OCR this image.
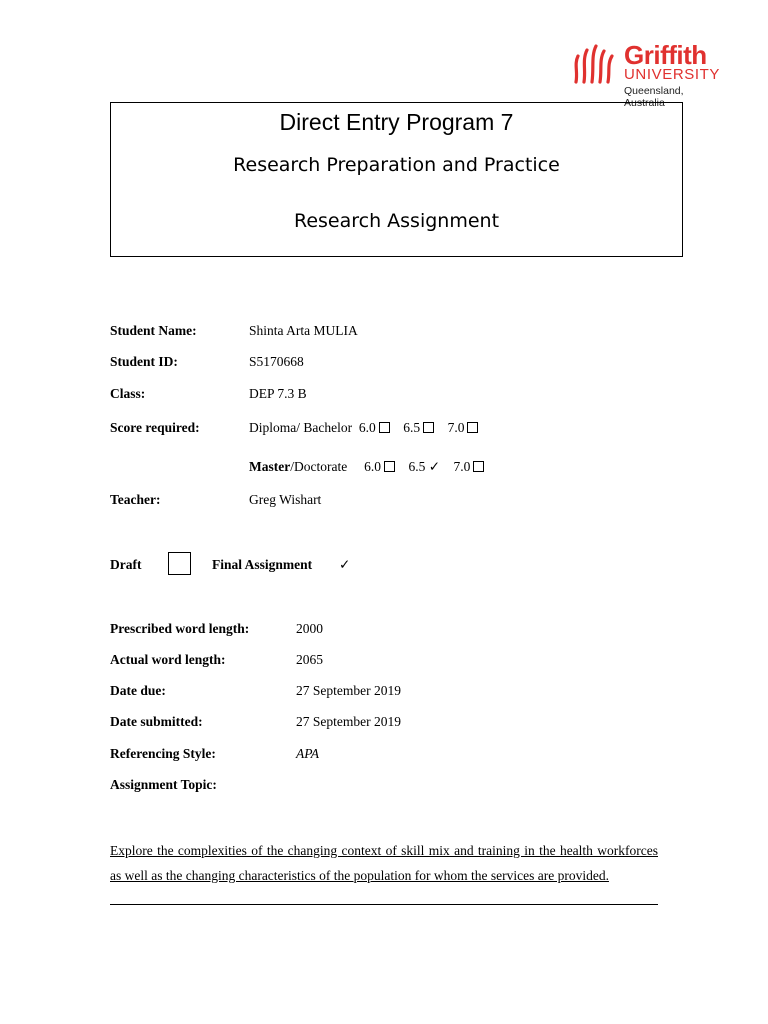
Griffith
UNIVERSITY
Queensland, Australia
Direct Entry Program 7
Research Preparation and Practice
Research Assignment
Student Name:	Shinta Arta MULIA
Student ID:	S5170668
Class:	DEP 7.3 B
Score required:	Diploma/ Bachelor 6.0 6.5 7.0
Master/Doctorate 6.0 6.5 ✓ 7.0
Teacher:	Greg Wishart
Draft	Final Assignment ✓
Prescribed word length:	2000
Actual word length:	2065
Date due:	27 September 2019
Date submitted:	27 September 2019
Referencing Style:	APA
Assignment Topic:
Explore the complexities of the changing context of skill mix and training in the health workforces as well as the changing characteristics of the population for whom the services are provided.
